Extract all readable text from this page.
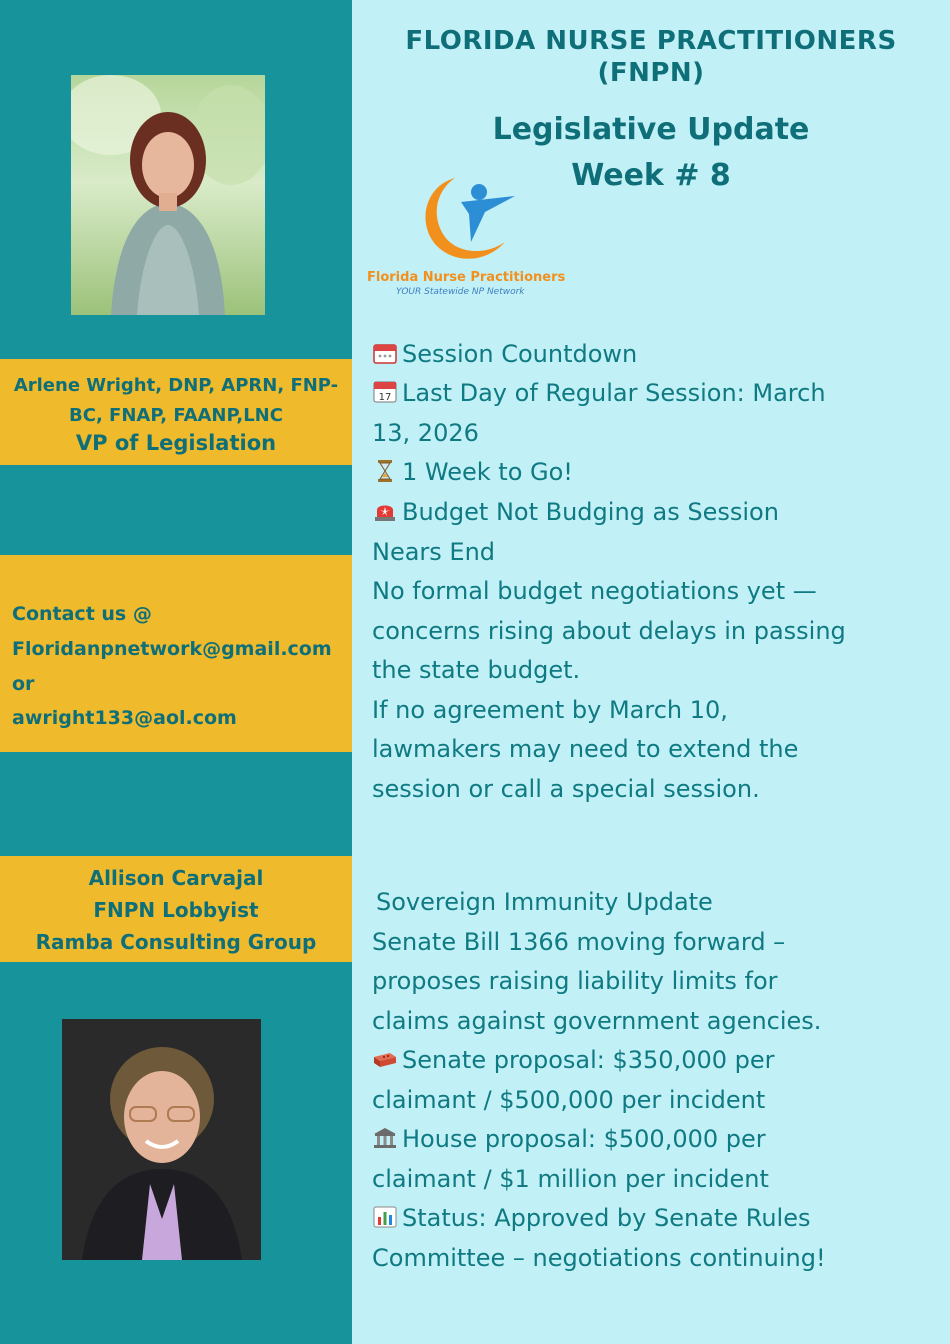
Arlene Wright, DNP, APRN, FNP-
BC, FNAP, FAANP,LNC
VP of Legislation
Contact us @
Floridanpnetwork@gmail.com
or
awright133@aol.com
Allison Carvajal
FNPN Lobbyist
Ramba Consulting Group
FLORIDA NURSE PRACTITIONERS
(FNPN)
Legislative Update
Week # 8
Florida Nurse Practitioners
YOUR Statewide NP Network
Session Countdown
17 Last Day of Regular Session: March
13, 2026
1 Week to Go!
Budget Not Budging as Session
Nears End
No formal budget negotiations yet —
concerns rising about delays in passing
the state budget.
If no agreement by March 10,
lawmakers may need to extend the
session or call a special session.
Sovereign Immunity Update
Senate Bill 1366 moving forward –
proposes raising liability limits for
claims against government agencies.
Senate proposal: $350,000 per
claimant / $500,000 per incident
House proposal: $500,000 per
claimant / $1 million per incident
Status: Approved by Senate Rules
Committee – negotiations continuing!
